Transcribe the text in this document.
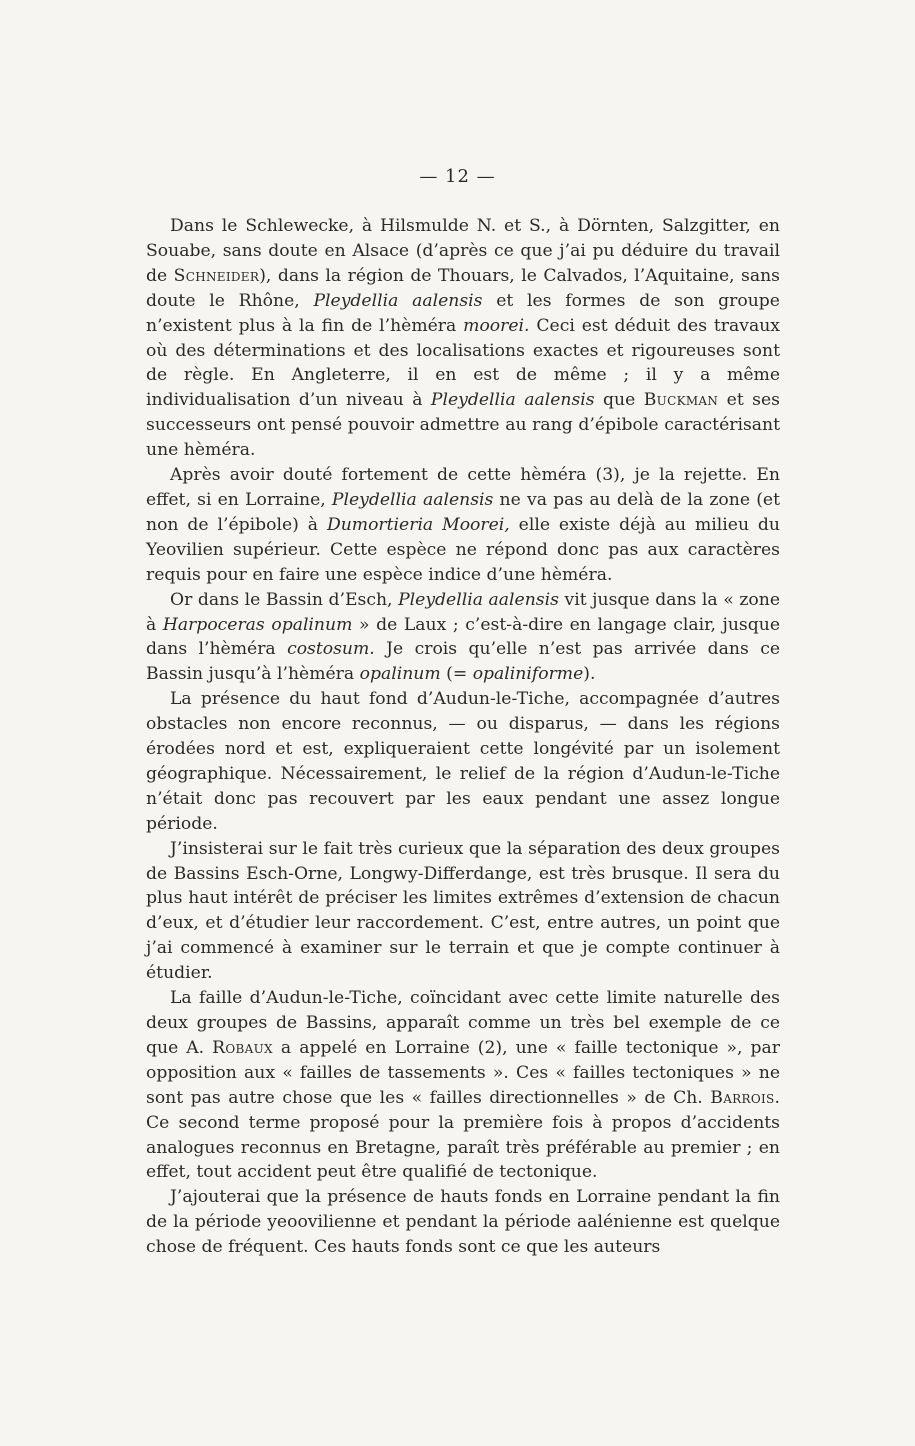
— 12 —

Dans le Schlewecke, à Hilsmulde N. et S., à Dörnten, Salzgitter, en Souabe, sans doute en Alsace (d’après ce que j’ai pu déduire du travail de Schneider), dans la région de Thouars, le Calvados, l’Aquitaine, sans doute le Rhône, Pleydellia aalensis et les formes de son groupe n’existent plus à la fin de l’hèméra moorei. Ceci est déduit des travaux où des déterminations et des localisations exactes et rigoureuses sont de règle. En Angleterre, il en est de même ; il y a même individualisation d’un niveau à Pleydellia aalensis que Buckman et ses successeurs ont pensé pouvoir admettre au rang d’épibole caractérisant une hèméra.

Après avoir douté fortement de cette hèméra (3), je la rejette. En effet, si en Lorraine, Pleydellia aalensis ne va pas au delà de la zone (et non de l’épibole) à Dumortieria Moorei, elle existe déjà au milieu du Yeovilien supérieur. Cette espèce ne répond donc pas aux caractères requis pour en faire une espèce indice d’une hèméra.

Or dans le Bassin d’Esch, Pleydellia aalensis vit jusque dans la « zone à Harpoceras opalinum » de Laux ; c’est-à-dire en langage clair, jusque dans l’hèméra costosum. Je crois qu’elle n’est pas arrivée dans ce Bassin jusqu’à l’hèméra opalinum (= opaliniforme).

La présence du haut fond d’Audun-le-Tiche, accompagnée d’autres obstacles non encore reconnus, — ou disparus, — dans les régions érodées nord et est, expliqueraient cette longévité par un isolement géographique. Nécessairement, le relief de la région d’Audun-le-Tiche n’était donc pas recouvert par les eaux pendant une assez longue période.

J’insisterai sur le fait très curieux que la séparation des deux groupes de Bassins Esch-Orne, Longwy-Differdange, est très brusque. Il sera du plus haut intérêt de préciser les limites extrêmes d’extension de chacun d’eux, et d’étudier leur raccordement. C’est, entre autres, un point que j’ai commencé à examiner sur le terrain et que je compte continuer à étudier.

La faille d’Audun-le-Tiche, coïncidant avec cette limite naturelle des deux groupes de Bassins, apparaît comme un très bel exemple de ce que A. Robaux a appelé en Lorraine (2), une « faille tectonique », par opposition aux « failles de tassements ». Ces « failles tectoniques » ne sont pas autre chose que les « failles directionnelles » de Ch. Barrois. Ce second terme proposé pour la première fois à propos d’accidents analogues reconnus en Bretagne, paraît très préférable au premier ; en effet, tout accident peut être qualifié de tectonique.

J’ajouterai que la présence de hauts fonds en Lorraine pendant la fin de la période yeoovilienne et pendant la période aalénienne est quelque chose de fréquent. Ces hauts fonds sont ce que les auteurs
